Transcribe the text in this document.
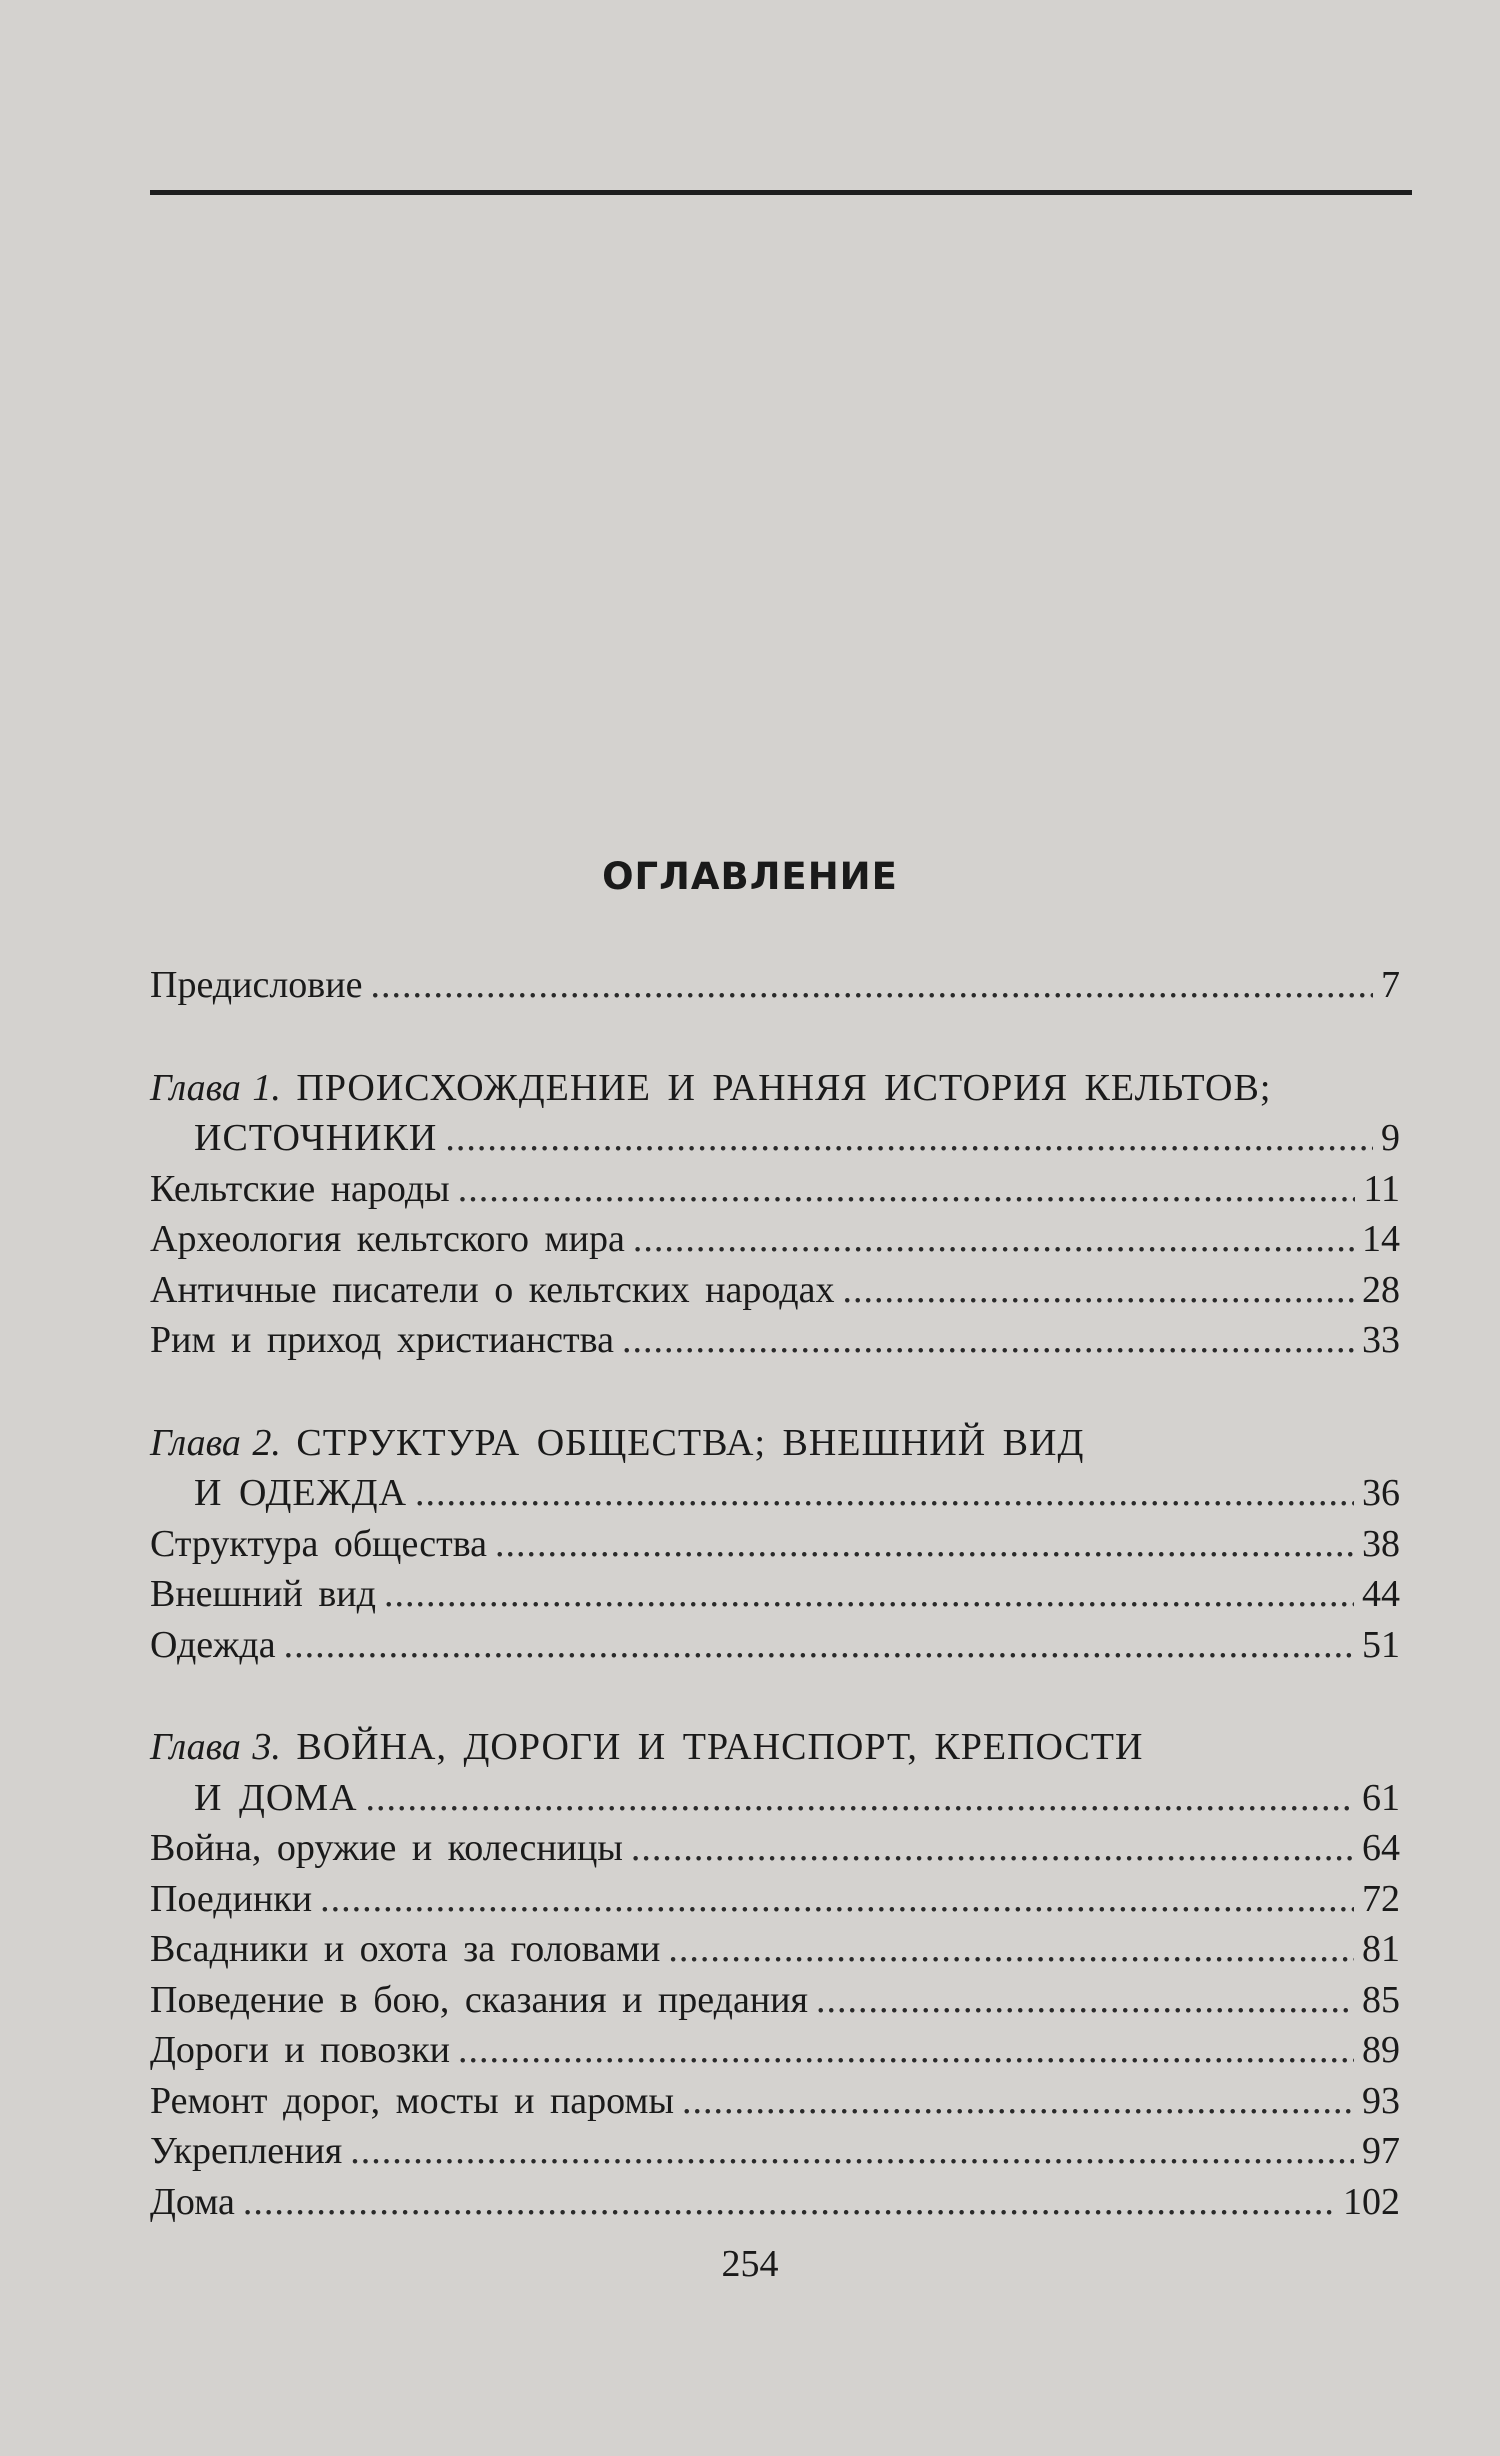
ОГЛАВЛЕНИЕ
Предисловие .....	7
Глава 1. ПРОИСХОЖДЕНИЕ И РАННЯЯ ИСТОРИЯ КЕЛЬТОВ;
ИСТОЧНИКИ .....	9
Кельтские народы .....	11
Археология кельтского мира .....	14
Античные писатели о кельтских народах .....	28
Рим и приход христианства .....	33
Глава 2. СТРУКТУРА ОБЩЕСТВА; ВНЕШНИЙ ВИД
И ОДЕЖДА .....	36
Структура общества .....	38
Внешний вид .....	44
Одежда .....	51
Глава 3. ВОЙНА, ДОРОГИ И ТРАНСПОРТ, КРЕПОСТИ
И ДОМА .....	61
Война, оружие и колесницы .....	64
Поединки .....	72
Всадники и охота за головами .....	81
Поведение в бою, сказания и предания .....	85
Дороги и повозки .....	89
Ремонт дорог, мосты и паромы .....	93
Укрепления .....	97
Дома .....	102
254
